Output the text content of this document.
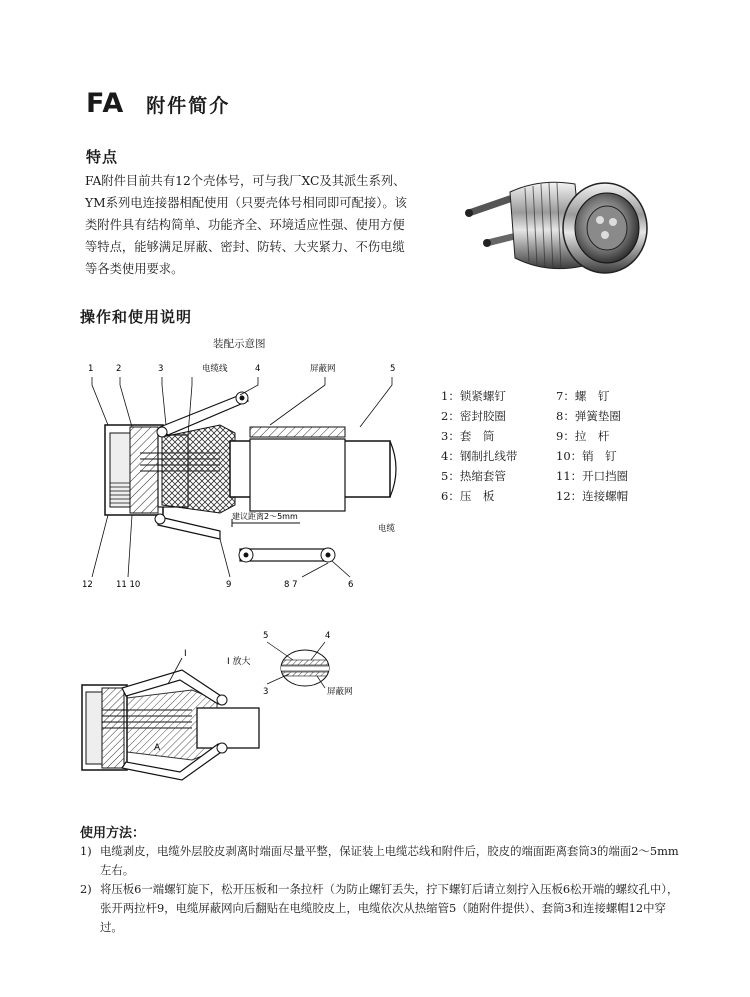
FA 附件简介
特点

FA附件目前共有12个壳体号，可与我厂XC及其派生系列、YM系列电连接器相配使用（只要壳体号相同即可配接）。该类附件具有结构简单、功能齐全、环境适应性强、使用方便等特点，能够满足屏蔽、密封、防转、大夹紧力、不伤电缆等各类使用要求。

操作和使用说明
装配示意图
1	2	3	电缆线	4	屏蔽网	5
电缆
建议距离2～5mm
12	11 10	9	8 7	6
1：锁紧螺钉	7：螺　钉
2：密封胶圈	8：弹簧垫圈
3：套　筒	9：拉　杆
4：钢制扎线带	10：销　钉
5：热缩套管	11：开口挡圈
6：压　板	12：连接螺帽
I
A
I 放大
5	4
3	屏蔽网
使用方法：
1) 电缆剥皮，电缆外层胶皮剥离时端面尽量平整，保证装上电缆芯线和附件后，胶皮的端面距离套筒3的端面2～5mm左右。
2) 将压板6一端螺钉旋下，松开压板和一条拉杆（为防止螺钉丢失，拧下螺钉后请立刻拧入压板6松开端的螺纹孔中），张开两拉杆9，电缆屏蔽网向后翻贴在电缆胶皮上，电缆依次从热缩管5（随附件提供）、套筒3和连接螺帽12中穿过。
